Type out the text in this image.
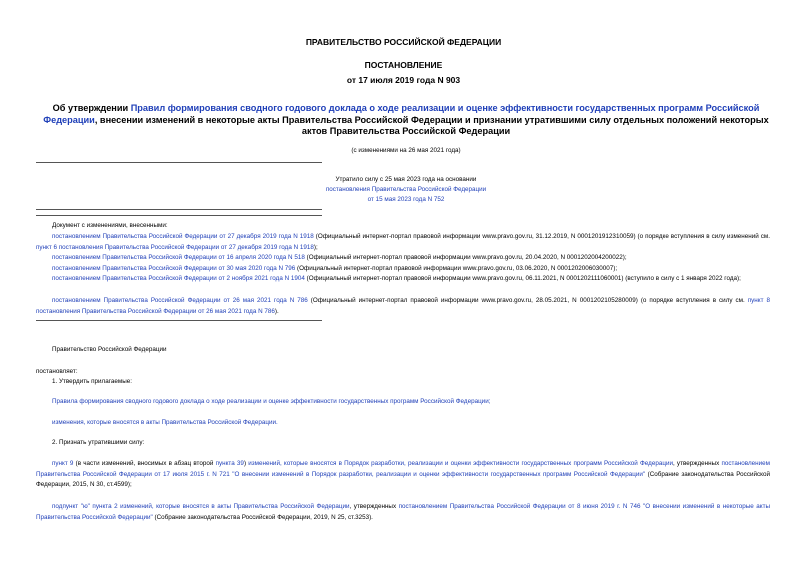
ПРАВИТЕЛЬСТВО РОССИЙСКОЙ ФЕДЕРАЦИИ
ПОСТАНОВЛЕНИЕ
от 17 июля 2019 года N 903
Об утверждении Правил формирования сводного годового доклада о ходе реализации и оценке эффективности государственных программ Российской Федерации, внесении изменений в некоторые акты Правительства Российской Федерации и признании утратившими силу отдельных положений некоторых актов Правительства Российской Федерации
(с изменениями на 26 мая 2021 года)
Утратило силу с 25 мая 2023 года на основании
постановления Правительства Российской Федерации
от 15 мая 2023 года N 752
Документ с изменениями, внесенными:
постановлением Правительства Российской Федерации от 27 декабря 2019 года N 1918 (Официальный интернет-портал правовой информации www.pravo.gov.ru, 31.12.2019, N 0001201912310059) (о порядке вступления в силу изменений см. пункт 6 постановления Правительства Российской Федерации от 27 декабря 2019 года N 1918);
постановлением Правительства Российской Федерации от 16 апреля 2020 года N 518 (Официальный интернет-портал правовой информации www.pravo.gov.ru, 20.04.2020, N 0001202004200022);
постановлением Правительства Российской Федерации от 30 мая 2020 года N 796 (Официальный интернет-портал правовой информации www.pravo.gov.ru, 03.06.2020, N 0001202006030007);
постановлением Правительства Российской Федерации от 2 ноября 2021 года N 1904 (Официальный интернет-портал правовой информации www.pravo.gov.ru, 06.11.2021, N 0001202111060001) (вступило в силу с 1 января 2022 года);
постановлением Правительства Российской Федерации от 26 мая 2021 года N 786 (Официальный интернет-портал правовой информации www.pravo.gov.ru, 28.05.2021, N 0001202105280009) (о порядке вступления в силу см. пункт 8 постановления Правительства Российской Федерации от 26 мая 2021 года N 786).
Правительство Российской Федерации
постановляет:
1. Утвердить прилагаемые:
Правила формирования сводного годового доклада о ходе реализации и оценке эффективности государственных программ Российской Федерации;
изменения, которые вносятся в акты Правительства Российской Федерации.
2. Признать утратившими силу:
пункт 9 (в части изменений, вносимых в абзац второй пункта 39) изменений, которые вносятся в Порядок разработки, реализации и оценки эффективности государственных программ Российской Федерации, утвержденных постановлением Правительства Российской Федерации от 17 июля 2015 г. N 721 "О внесении изменений в Порядок разработки, реализации и оценки эффективности государственных программ Российской Федерации" (Собрание законодательства Российской Федерации, 2015, N 30, ст.4599);
подпункт "ю" пункта 2 изменений, которые вносятся в акты Правительства Российской Федерации, утвержденных постановлением Правительства Российской Федерации от 8 июня 2019 г. N 746 "О внесении изменений в некоторые акты Правительства Российской Федерации" (Собрание законодательства Российской Федерации, 2019, N 25, ст.3253).
